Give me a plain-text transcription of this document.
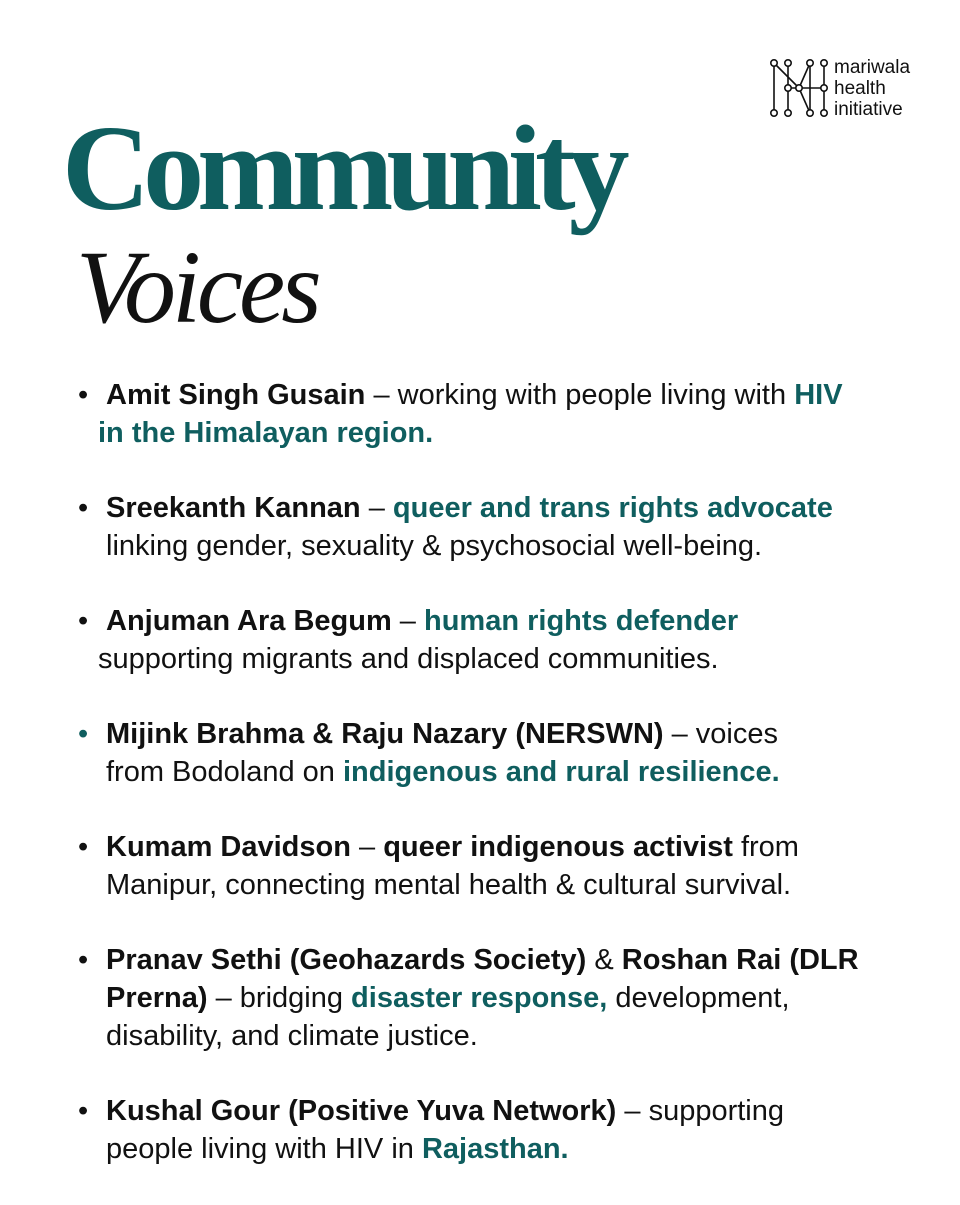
mariwala
health
initiative
Community
Voices
• Amit Singh Gusain – working with people living with HIV
in the Himalayan region.
• Sreekanth Kannan – queer and trans rights advocate
linking gender, sexuality & psychosocial well-being.
• Anjuman Ara Begum – human rights defender
supporting migrants and displaced communities.
• Mijink Brahma & Raju Nazary (NERSWN) – voices
from Bodoland on indigenous and rural resilience.
• Kumam Davidson – queer indigenous activist from
Manipur, connecting mental health & cultural survival.
• Pranav Sethi (Geohazards Society) & Roshan Rai (DLR
Prerna) – bridging disaster response, development,
disability, and climate justice.
• Kushal Gour (Positive Yuva Network) – supporting
people living with HIV in Rajasthan.
